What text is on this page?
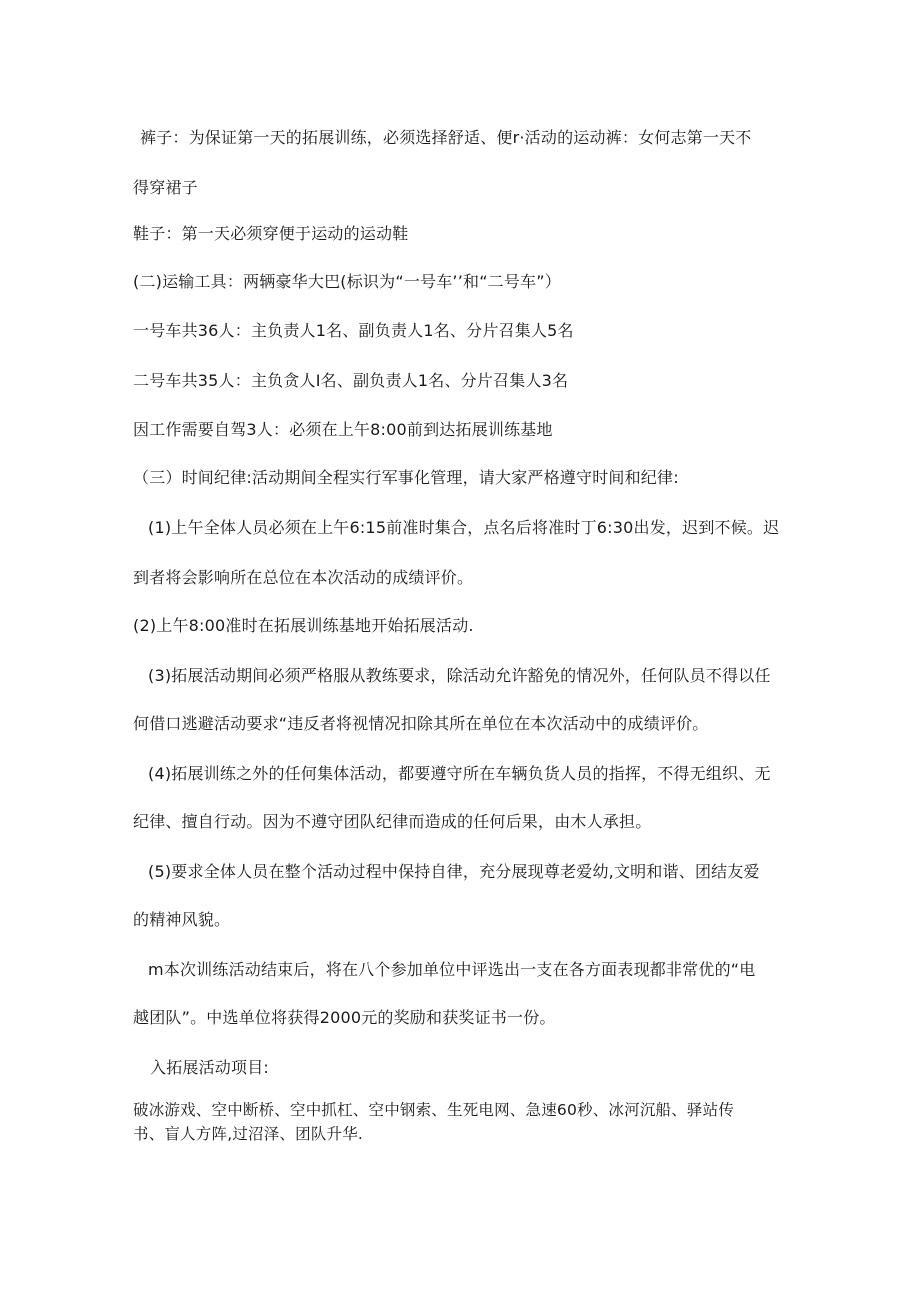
裤子：为保证第一天的拓展训练，必须选择舒适、便r·活动的运动裤：女何志第一天不
得穿裙子
鞋子：第一天必须穿便于运动的运动鞋
(二)运输工具：两辆豪华大巴(标识为“一号车’’和“二号车”）
一号车共36人：主负责人1名、副负责人1名、分片召集人5名
二号车共35人：主负贪人I名、副负责人1名、分片召集人3名
因工作需要自驾3人：必须在上午8:00前到达拓展训练基地
（三）时间纪律:活动期间全程实行军事化管理，请大家严格遵守时间和纪律:
(1)上午全体人员必须在上午6:15前准时集合，点名后将准时丁6:30出发，迟到不候。迟
到者将会影响所在总位在本次活动的成绩评价。
(2)上午8:00准时在拓展训练基地开始拓展活动.
(3)拓展活动期间必须严格服从教练要求，除活动允许豁免的情况外，任何队员不得以任
何借口逃避活动要求“违反者将视情况扣除其所在单位在本次活动中的成绩评价。
(4)拓展训练之外的任何集体活动，都要遵守所在车辆负货人员的指挥，不得无组织、无
纪律、擅自行动。因为不遵守团队纪律而造成的任何后果，由木人承担。
(5)要求全体人员在整个活动过程中保持自律，充分展现尊老爱幼,文明和谐、团结友爱
的精神风貌。
m本次训练活动结束后，将在八个参加单位中评选出一支在各方面表现都非常优的“电
越团队”。中选单位将获得2000元的奖励和获奖证书一份。
入拓展活动项目:
破冰游戏、空中断桥、空中抓杠、空中钢索、生死电网、急速60秒、冰河沉船、驿站传
书、盲人方阵,过沼泽、团队升华.
